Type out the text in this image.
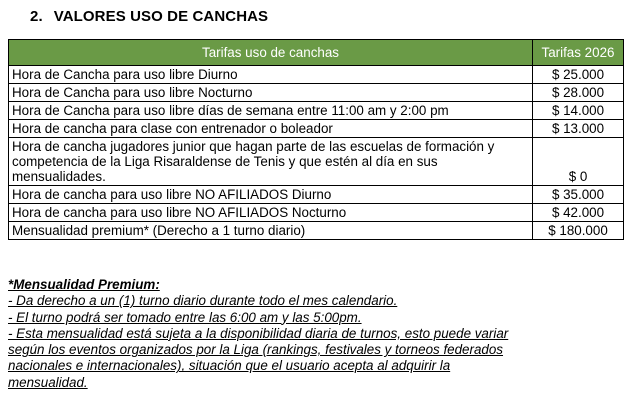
2. VALORES USO DE CANCHAS
Tarifas uso de canchas	Tarifas 2026
Hora de Cancha para uso libre Diurno	$ 25.000
Hora de Cancha para uso libre Nocturno	$ 28.000
Hora de Cancha para uso libre días de semana entre 11:00 am y 2:00 pm	$ 14.000
Hora de cancha para clase con entrenador o boleador	$ 13.000
Hora de cancha jugadores junior que hagan parte de las escuelas de formación y competencia de la Liga Risaraldense de Tenis y que estén al día en sus mensualidades.	$ 0
Hora de cancha para uso libre NO AFILIADOS Diurno	$ 35.000
Hora de cancha para uso libre NO AFILIADOS Nocturno	$ 42.000
Mensualidad premium* (Derecho a 1 turno diario)	$ 180.000
*Mensualidad Premium:
- Da derecho a un (1) turno diario durante todo el mes calendario.
- El turno podrá ser tomado entre las 6:00 am y las 5:00pm.
- Esta mensualidad está sujeta a la disponibilidad diaria de turnos, esto puede variar
según los eventos organizados por la Liga (rankings, festivales y torneos federados
nacionales e internacionales), situación que el usuario acepta al adquirir la
mensualidad.
